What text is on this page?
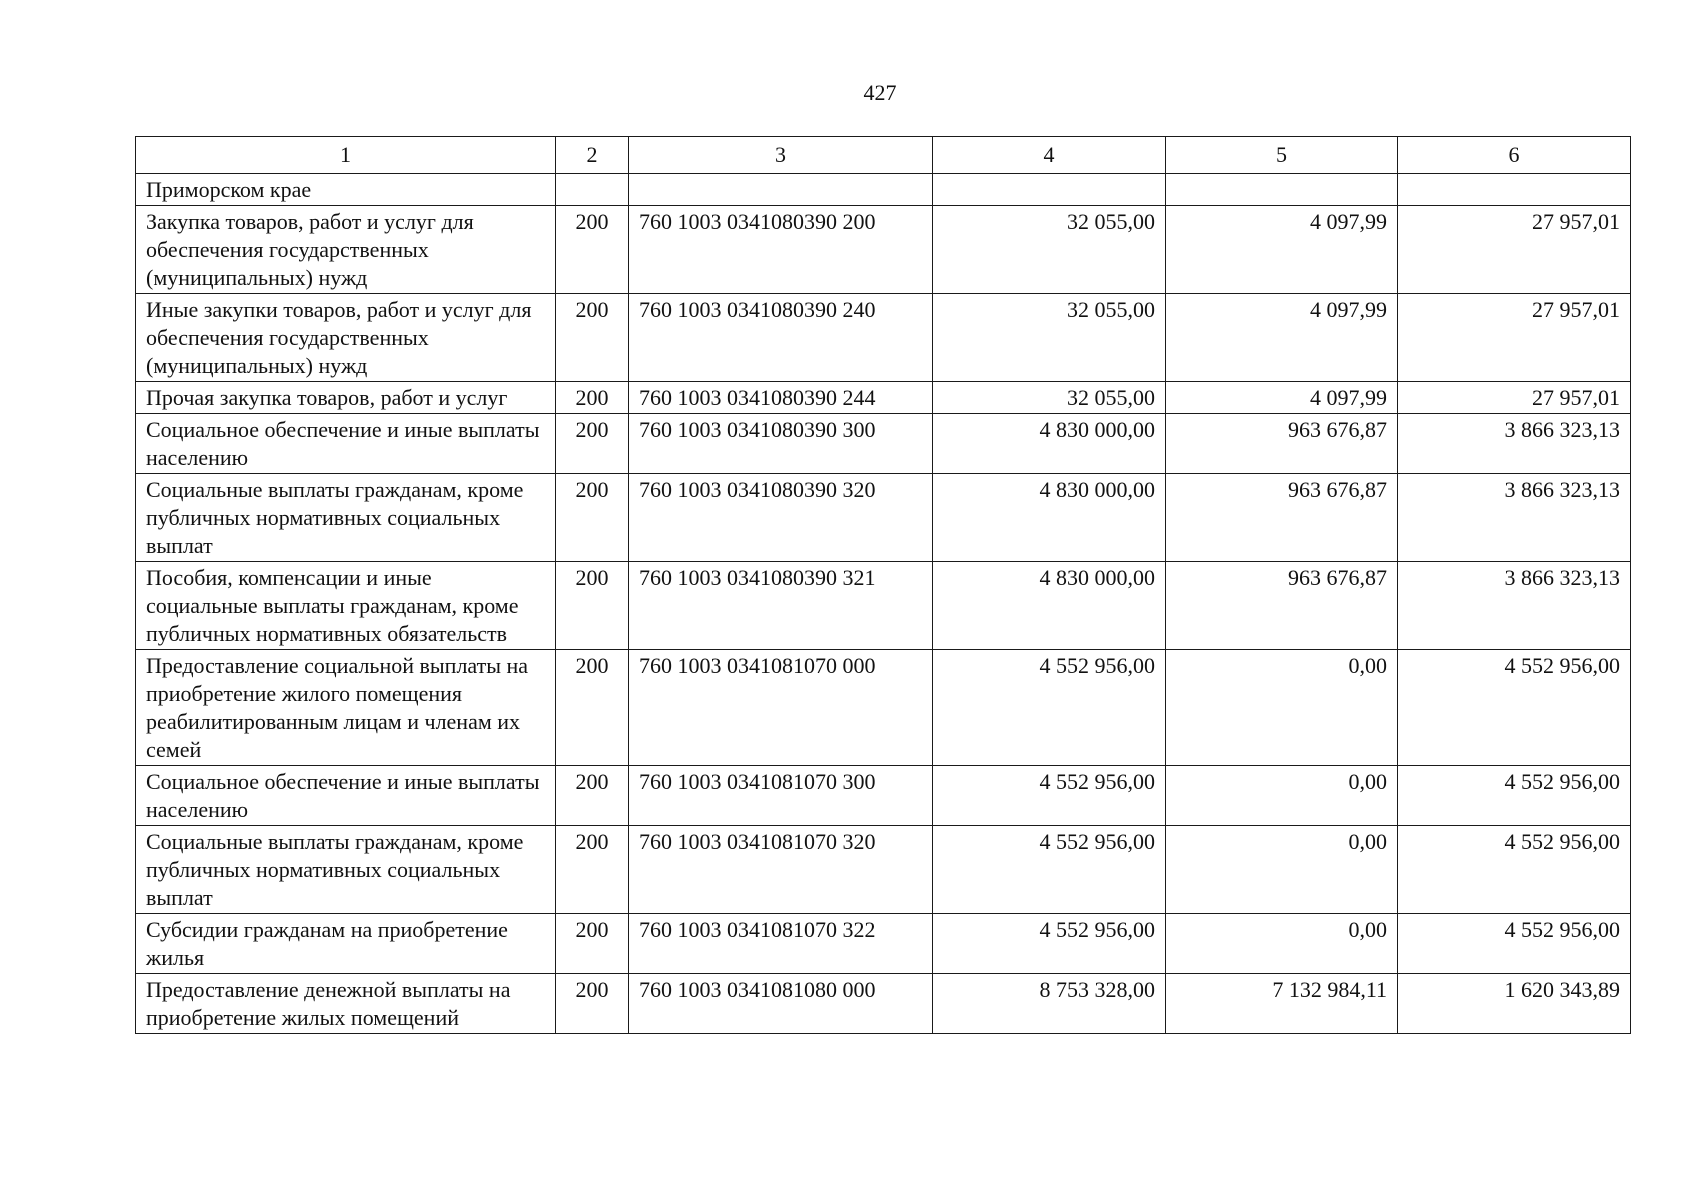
427
1	2	3	4	5	6
Приморском крае					
Закупка товаров, работ и услуг для обеспечения государственных (муниципальных) нужд	200	760 1003 0341080390 200	32 055,00	4 097,99	27 957,01
Иные закупки товаров, работ и услуг для обеспечения государственных (муниципальных) нужд	200	760 1003 0341080390 240	32 055,00	4 097,99	27 957,01
Прочая закупка товаров, работ и услуг	200	760 1003 0341080390 244	32 055,00	4 097,99	27 957,01
Социальное обеспечение и иные выплаты населению	200	760 1003 0341080390 300	4 830 000,00	963 676,87	3 866 323,13
Социальные выплаты гражданам, кроме публичных нормативных социальных выплат	200	760 1003 0341080390 320	4 830 000,00	963 676,87	3 866 323,13
Пособия, компенсации и иные социальные выплаты гражданам, кроме публичных нормативных обязательств	200	760 1003 0341080390 321	4 830 000,00	963 676,87	3 866 323,13
Предоставление социальной выплаты на приобретение жилого помещения реабилитированным лицам и членам их семей	200	760 1003 0341081070 000	4 552 956,00	0,00	4 552 956,00
Социальное обеспечение и иные выплаты населению	200	760 1003 0341081070 300	4 552 956,00	0,00	4 552 956,00
Социальные выплаты гражданам, кроме публичных нормативных социальных выплат	200	760 1003 0341081070 320	4 552 956,00	0,00	4 552 956,00
Субсидии гражданам на приобретение жилья	200	760 1003 0341081070 322	4 552 956,00	0,00	4 552 956,00
Предоставление денежной выплаты на приобретение жилых помещений	200	760 1003 0341081080 000	8 753 328,00	7 132 984,11	1 620 343,89
